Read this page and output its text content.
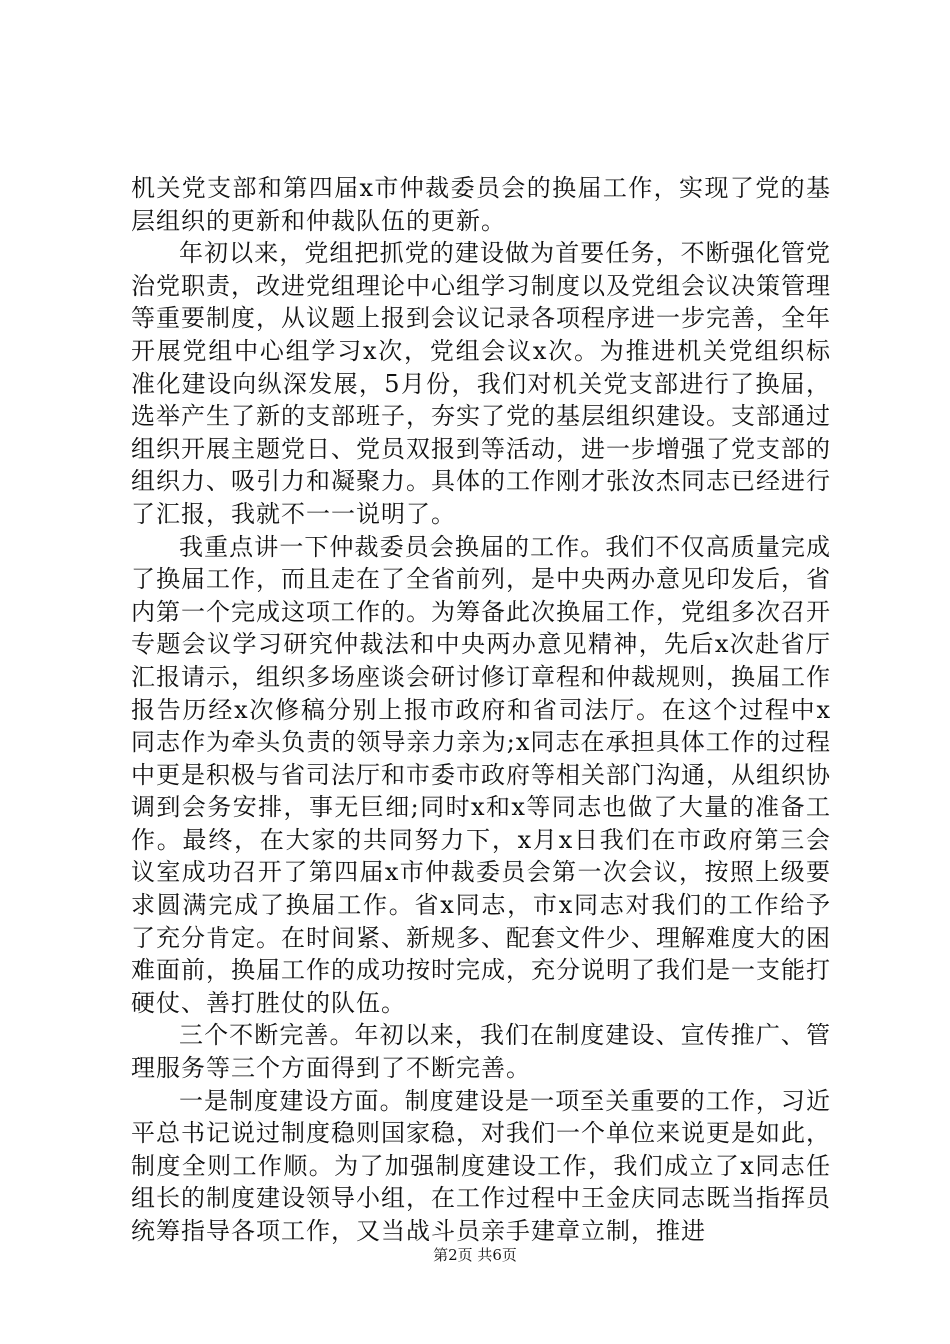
机关党支部和第四届x市仲裁委员会的换届工作，实现了党的基层组织的更新和仲裁队伍的更新。

年初以来，党组把抓党的建设做为首要任务，不断强化管党治党职责，改进党组理论中心组学习制度以及党组会议决策管理等重要制度，从议题上报到会议记录各项程序进一步完善，全年开展党组中心组学习x次，党组会议x次。为推进机关党组织标准化建设向纵深发展，5月份，我们对机关党支部进行了换届，选举产生了新的支部班子，夯实了党的基层组织建设。支部通过组织开展主题党日、党员双报到等活动，进一步增强了党支部的组织力、吸引力和凝聚力。具体的工作刚才张汝杰同志已经进行了汇报，我就不一一说明了。

我重点讲一下仲裁委员会换届的工作。我们不仅高质量完成了换届工作，而且走在了全省前列，是中央两办意见印发后，省内第一个完成这项工作的。为筹备此次换届工作，党组多次召开专题会议学习研究仲裁法和中央两办意见精神，先后x次赴省厅汇报请示，组织多场座谈会研讨修订章程和仲裁规则，换届工作报告历经x次修稿分别上报市政府和省司法厅。在这个过程中x同志作为牵头负责的领导亲力亲为;x同志在承担具体工作的过程中更是积极与省司法厅和市委市政府等相关部门沟通，从组织协调到会务安排，事无巨细;同时x和x等同志也做了大量的准备工作。最终，在大家的共同努力下，x月x日我们在市政府第三会议室成功召开了第四届x市仲裁委员会第一次会议，按照上级要求圆满完成了换届工作。省x同志，市x同志对我们的工作给予了充分肯定。在时间紧、新规多、配套文件少、理解难度大的困难面前，换届工作的成功按时完成，充分说明了我们是一支能打硬仗、善打胜仗的队伍。

三个不断完善。年初以来，我们在制度建设、宣传推广、管理服务等三个方面得到了不断完善。

一是制度建设方面。制度建设是一项至关重要的工作，习近平总书记说过制度稳则国家稳，对我们一个单位来说更是如此，制度全则工作顺。为了加强制度建设工作，我们成立了x同志任组长的制度建设领导小组，在工作过程中王金庆同志既当指挥员统筹指导各项工作，又当战斗员亲手建章立制，推进

第2页 共6页
